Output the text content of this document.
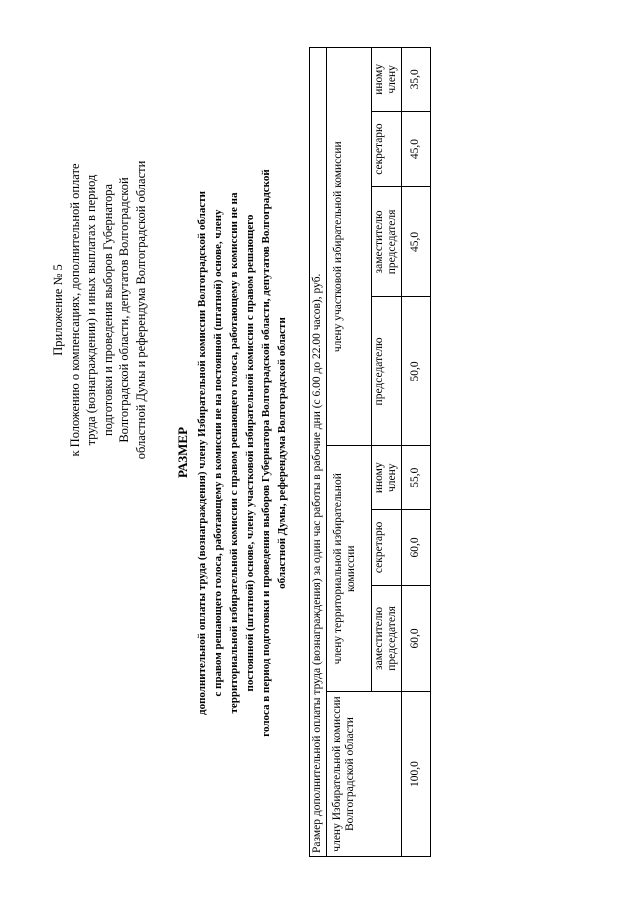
Приложение № 5 к Положению о компенсациях, дополнительной оплате труда (вознаграждении) и иных выплатах в период подготовки и проведения выборов Губернатора Волгоградской области, депутатов Волгоградской областной Думы и референдума Волгоградской области РАЗМЕР дополнительной оплаты труда (вознаграждения) члену Избирательной комиссии Волгоградской области с правом решающего голоса, работающему в комиссии не на постоянной (штатной) основе, члену территориальной избирательной комиссии с правом решающего голоса, работающему в комиссии не на постоянной (штатной) основе, члену участковой избирательной комиссии с правом решающего голоса в период подготовки и проведения выборов Губернатора Волгоградской области, депутатов Волгоградской областной Думы, референдума Волгоградской области Размер дополнительной оплаты труда (вознаграждения) за один час работы в рабочие дни (с 6.00 до 22.00 часов), руб.							
члену Избирательной комиссии Волгоградской области	члену территориальной избирательной комиссии			члену участковой избирательной комиссии			
	заместителю председателя	секретарю	иному члену	председателю	заместителю председателя	секретарю	иному члену
100,0	60,0	60,0	55,0	50,0	45,0	45,0	35,0
